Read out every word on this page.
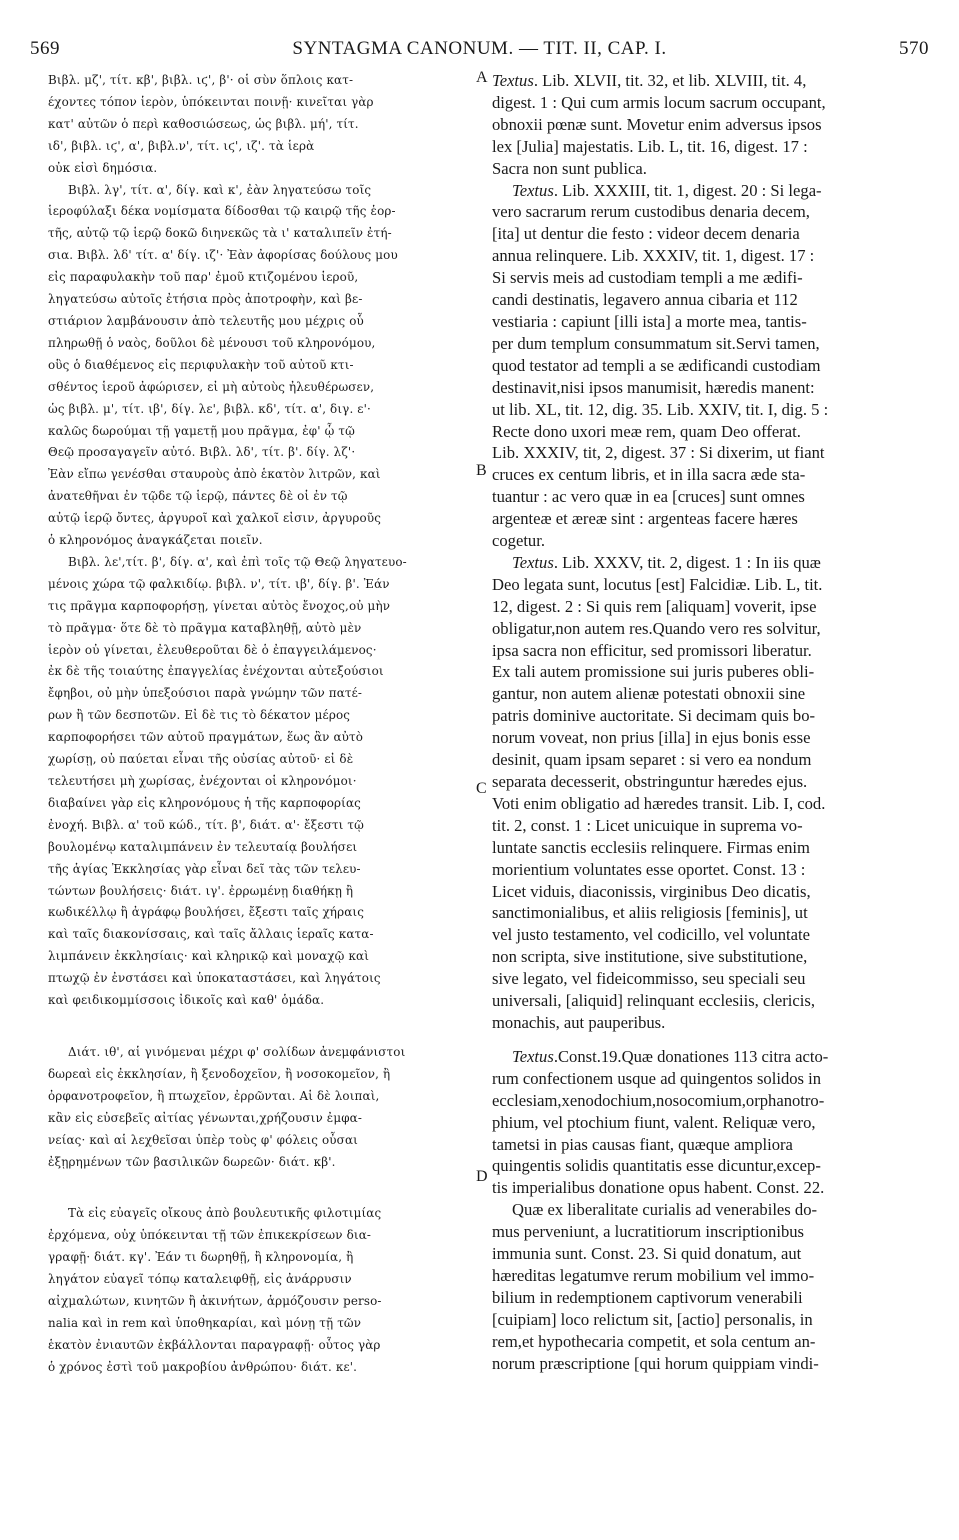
569	SYNTAGMA CANONUM. — TIT. II, CAP. I.	570
Βιβλ. μζ', τίτ. κβ', βιβλ. ιϛ', β'· οἱ σὺν ὅπλοις κατ-
έχοντες τόπον ἱερὸν, ὑπόκεινται ποινῇ· κινεῖται γὰρ
κατ' αὐτῶν ὁ περὶ καθοσιώσεως, ὡς βιβλ. μή', τίτ.
ιδ', βιβλ. ιϛ', α', βιβλ.ν', τίτ. ιϛ', ιζ'. τὰ ἱερὰ
οὐκ εἰσὶ δημόσια.
Βιβλ. λγ', τίτ. α', δίγ. καὶ κ', ἐὰν ληγατεύσω τοῖς
ἱεροφύλαξι δέκα νομίσματα δίδοσθαι τῷ καιρῷ τῆς ἑορ-
τῆς, αὐτῷ τῷ ἱερῷ δοκῶ διηνεκῶς τὰ ι' καταλιπεῖν ἐτή-
σια. Βιβλ. λδ' τίτ. α' δίγ. ιζ'· Ἐὰν ἀφορίσας δούλους μου
εἰς παραφυλακὴν τοῦ παρ' ἐμοῦ κτιζομένου ἱεροῦ,
ληγατεύσω αὐτοῖς ἐτήσια πρὸς ἀποτροφὴν, καὶ βε-
στιάριον λαμβάνουσιν ἀπὸ τελευτῆς μου μέχρις οὗ
πληρωθῇ ὁ ναὸς, δοῦλοι δὲ μένουσι τοῦ κληρονόμου,
οὓς ὁ διαθέμενος εἰς περιφυλακὴν τοῦ αὐτοῦ κτι-
σθέντος ἱεροῦ ἀφώρισεν, εἰ μὴ αὐτοὺς ἠλευθέρωσεν,
ὡς βιβλ. μ', τίτ. ιβ', δίγ. λε', βιβλ. κδ', τίτ. α', διγ. ε'·
καλῶς δωρούμαι τῇ γαμετῇ μου πρᾶγμα, ἐφ' ᾧ τῷ
Θεῷ προσαγαγεῖν αὐτό. Βιβλ. λδ', τίτ. β'. δίγ. λζ'·
Ἐὰν εἴπω γενέσθαι σταυροὺς ἀπὸ ἑκατὸν λιτρῶν, καὶ
ἀνατεθῆναι ἐν τῷδε τῷ ἱερῷ, πάντες δὲ οἱ ἐν τῷ
αὐτῷ ἱερῷ ὄντες, ἀργυροῖ καὶ χαλκοῖ εἰσιν, ἀργυροῦς
ὁ κληρονόμος ἀναγκάζεται ποιεῖν.
Βιβλ. λε',τίτ. β', δίγ. α', καὶ ἐπὶ τοῖς τῷ Θεῷ ληγατευο-
μένοις χώρα τῷ φαλκιδίῳ. βιβλ. ν', τίτ. ιβ', δίγ. β'. Ἐάν
τις πρᾶγμα καρποφορήσῃ, γίνεται αὐτὸς ἔνοχος,οὐ μὴν
τὸ πρᾶγμα· ὅτε δὲ τὸ πρᾶγμα καταβληθῇ, αὐτὸ μὲν
ἱερὸν οὐ γίνεται, ἐλευθεροῦται δὲ ὁ ἐπαγγειλάμενος·
ἐκ δὲ τῆς τοιαύτης ἐπαγγελίας ἐνέχονται αὐτεξούσιοι
ἔφηβοι, οὐ μὴν ὑπεξούσιοι παρὰ γνώμην τῶν πατέ-
ρων ἢ τῶν δεσποτῶν. Εἰ δὲ τις τὸ δέκατον μέρος
καρποφορήσει τῶν αὐτοῦ πραγμάτων, ἕως ἂν αὐτὸ
χωρίσῃ, οὐ παύεται εἶναι τῆς οὐσίας αὐτοῦ· εἰ δὲ
τελευτήσει μὴ χωρίσας, ἐνέχονται οἱ κληρονόμοι·
διαβαίνει γὰρ εἰς κληρονόμους ἡ τῆς καρποφορίας
ἐνοχή. Βιβλ. α' τοῦ κώδ., τίτ. β', διάτ. α'· ἔξεστι τῷ
βουλομένῳ καταλιμπάνειν ἐν τελευταίᾳ βουλήσει
τῆς ἁγίας Ἐκκλησίας γὰρ εἶναι δεῖ τὰς τῶν τελευ-
τώντων βουλήσεις· διάτ. ιγ'. ἐρρωμένῃ διαθήκῃ ἢ
κωδικέλλῳ ἢ ἀγράφῳ βουλήσει, ἔξεστι ταῖς χήραις
καὶ ταῖς διακονίσσαις, καὶ ταῖς ἄλλαις ἱεραῖς κατα-
λιμπάνειν ἐκκλησίαις· καὶ κληρικῷ καὶ μοναχῷ καὶ
πτωχῷ ἐν ἐνστάσει καὶ ὑποκαταστάσει, καὶ ληγάτοις
καὶ φειδικομμίσσοις ἰδικοῖς καὶ καθ' ὁμάδα.
Διάτ. ιθ', αἱ γινόμεναι μέχρι φ' σολίδων ἀνεμφάνιστοι
δωρεαὶ εἰς ἐκκλησίαν, ἢ ξενοδοχεῖον, ἢ νοσοκομεῖον, ἢ
ὀρφανοτροφεῖον, ἢ πτωχεῖον, ἐρρῶνται. Αἱ δὲ λοιπαὶ,
κἂν εἰς εὐσεβεῖς αἰτίας γένωνται,χρήζουσιν ἐμφα-
νείας· καὶ αἱ λεχθεῖσαι ὑπὲρ τοὺς φ' φόλεις οὖσαι
ἐξῃρημένων τῶν βασιλικῶν δωρεῶν· διάτ. κβ'.
Τὰ εἰς εὐαγεῖς οἴκους ἀπὸ βουλευτικῆς φιλοτιμίας
ἐρχόμενα, οὐχ ὑπόκεινται τῇ τῶν ἐπικεκρίσεων δια-
γραφῇ· διάτ. κγ'. Ἐάν τι δωρηθῇ, ἢ κληρονομία, ἢ
ληγάτον εὐαγεῖ τόπῳ καταλειφθῇ, εἰς ἀνάρρυσιν
αἰχμαλώτων, κινητῶν ἢ ἀκινήτων, ἁρμόζουσιν perso-
nalia καὶ in rem καὶ ὑποθηκαρίαι, καὶ μόνῃ τῇ τῶν
ἑκατὸν ἐνιαυτῶν ἐκβάλλονται παραγραφῇ· οὗτος γὰρ
ὁ χρόνος ἐστὶ τοῦ μακροβίου ἀνθρώπου· διάτ. κε'.
Textus. Lib. XLVII, tit. 32, et lib. XLVIII, tit. 4,
digest. 1 : Qui cum armis locum sacrum occupant,
obnoxii pœnæ sunt. Movetur enim adversus ipsos
lex [Julia] majestatis. Lib. L, tit. 16, digest. 17 :
Sacra non sunt publica.
Textus. Lib. XXXIII, tit. 1, digest. 20 : Si lega-
vero sacrarum rerum custodibus denaria decem,
[ita] ut dentur die festo : videor decem denaria
annua relinquere. Lib. XXXIV, tit. 1, digest. 17 :
Si servis meis ad custodiam templi a me ædifi-
candi destinatis, legavero annua cibaria et 112
vestiaria : capiunt [illi ista] a morte mea, tantis-
per dum templum consummatum sit.Servi tamen,
quod testator ad templi a se ædificandi custodiam
destinavit,nisi ipsos manumisit, hæredis manent:
ut lib. XL, tit. 12, dig. 35. Lib. XXIV, tit. I, dig. 5 :
Recte dono uxori meæ rem, quam Deo offerat.
Lib. XXXIV, tit, 2, digest. 37 : Si dixerim, ut fiant
cruces ex centum libris, et in illa sacra æde sta-
tuantur : ac vero quæ in ea [cruces] sunt omnes
argenteæ et æreæ sint : argenteas facere hæres
cogetur.
Textus. Lib. XXXV, tit. 2, digest. 1 : In iis quæ
Deo legata sunt, locutus [est] Falcidiæ. Lib. L, tit.
12, digest. 2 : Si quis rem [aliquam] voverit, ipse
obligatur,non autem res.Quando vero res solvitur,
ipsa sacra non efficitur, sed promissori liberatur.
Ex tali autem promissione sui juris puberes obli-
gantur, non autem alienæ potestati obnoxii sine
patris dominive auctoritate. Si decimam quis bo-
norum voveat, non prius [illa] in ejus bonis esse
desinit, quam ipsam separet : si vero ea nondum
separata decesserit, obstringuntur hæredes ejus.
Voti enim obligatio ad hæredes transit. Lib. I, cod.
tit. 2, const. 1 : Licet unicuique in suprema vo-
luntate sanctis ecclesiis relinquere. Firmas enim
morientium voluntates esse oportet. Const. 13 :
Licet viduis, diaconissis, virginibus Deo dicatis,
sanctimonialibus, et aliis religiosis [feminis], ut
vel justo testamento, vel codicillo, vel voluntate
non scripta, sive institutione, sive substitutione,
sive legato, vel fideicommisso, seu speciali seu
universali, [aliquid] relinquant ecclesiis, clericis,
monachis, aut pauperibus.
Textus.Const.19.Quæ donationes 113 citra acto-
rum confectionem usque ad quingentos solidos in
ecclesiam,xenodochium,nosocomium,orphanotro-
phium, vel ptochium fiunt, valent. Reliquæ vero,
tametsi in pias causas fiant, quæque ampliora
quingentis solidis quantitatis esse dicuntur,excep-
tis imperialibus donatione opus habent. Const. 22.
Quæ ex liberalitate curialis ad venerabiles do-
mus perveniunt, a lucratitiorum inscriptionibus
immunia sunt. Const. 23. Si quid donatum, aut
hæreditas legatumve rerum mobilium vel immo-
bilium in redemptionem captivorum venerabili
[cuipiam] loco relictum sit, [actio] personalis, in
rem,et hypothecaria competit, et sola centum an-
norum præscriptione [qui horum quippiam vindi-
A
B
C
D
